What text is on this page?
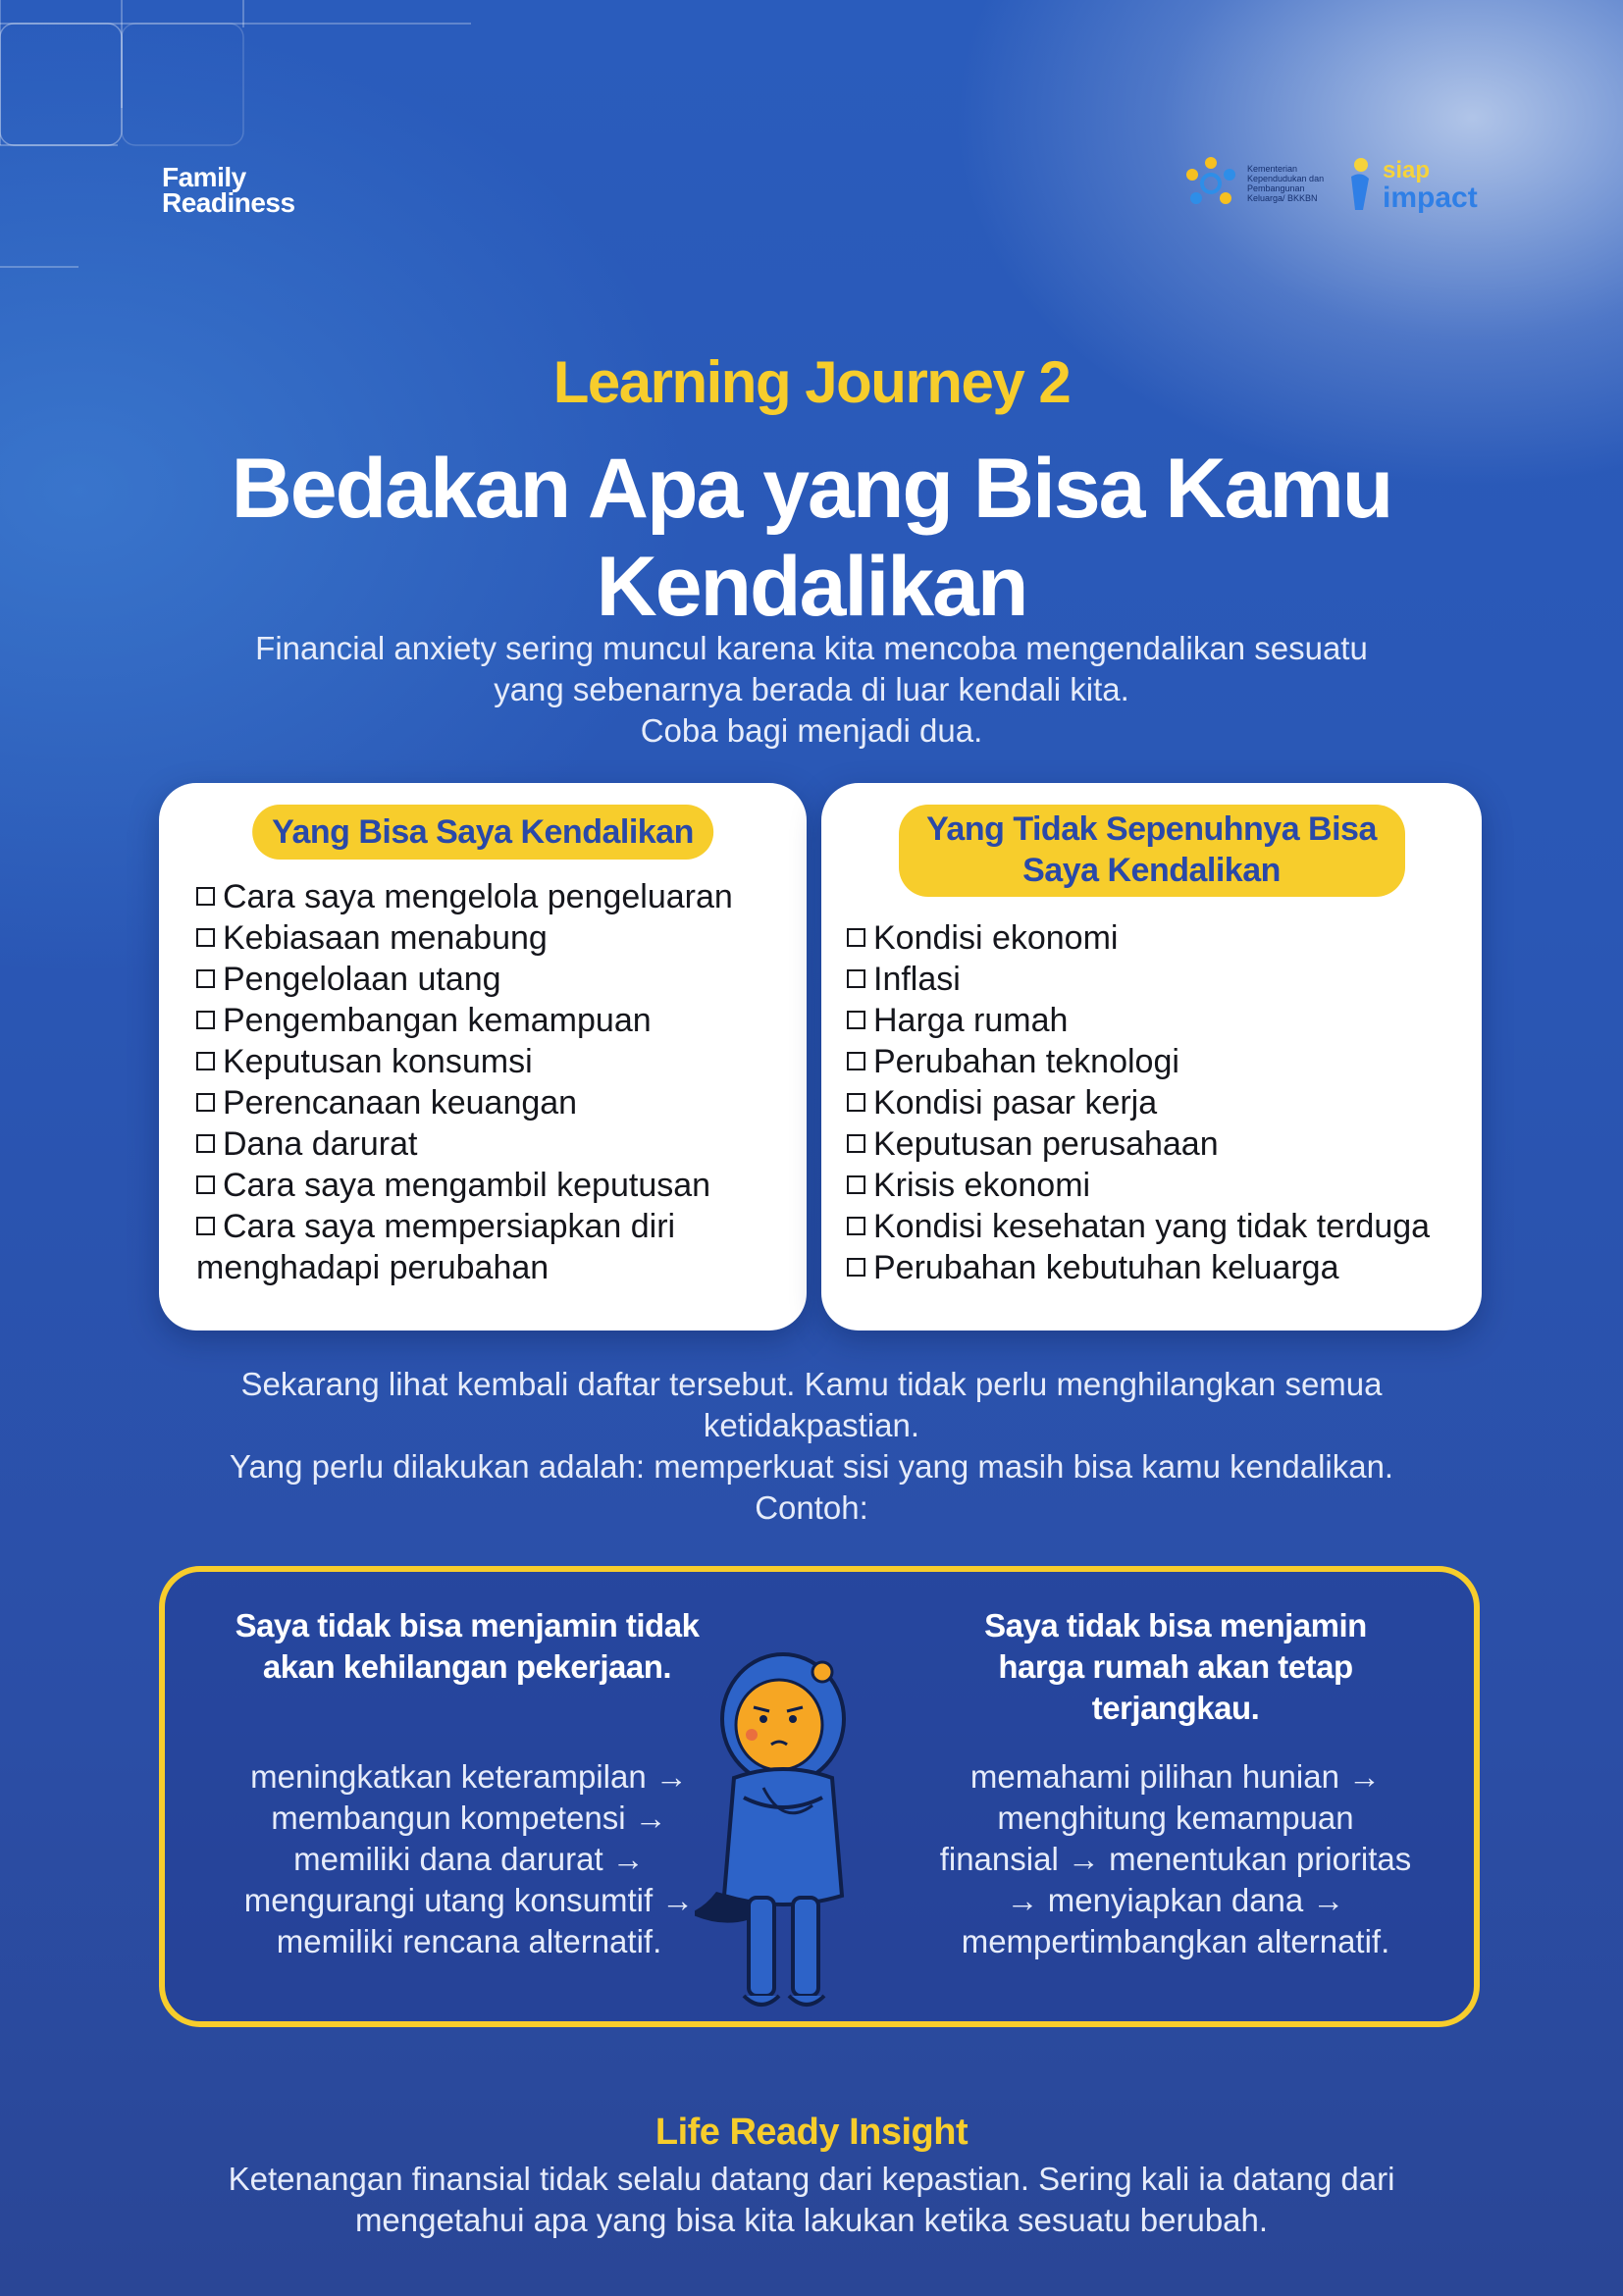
Family
Readiness
Kementerian Kependudukan dan Pembangunan Keluarga/ BKKBN
siap
impact
Learning Journey 2
Bedakan Apa yang Bisa Kamu
Kendalikan
Financial anxiety sering muncul karena kita mencoba mengendalikan sesuatu
yang sebenarnya berada di luar kendali kita.
Coba bagi menjadi dua.
Yang Bisa Saya Kendalikan
Cara saya mengelola pengeluaran
Kebiasaan menabung
Pengelolaan utang
Pengembangan kemampuan
Keputusan konsumsi
Perencanaan keuangan
Dana darurat
Cara saya mengambil keputusan
Cara saya mempersiapkan diri
menghadapi perubahan
Yang Tidak Sepenuhnya Bisa Saya Kendalikan
Kondisi ekonomi
Inflasi
Harga rumah
Perubahan teknologi
Kondisi pasar kerja
Keputusan perusahaan
Krisis ekonomi
Kondisi kesehatan yang tidak terduga
Perubahan kebutuhan keluarga
Sekarang lihat kembali daftar tersebut. Kamu tidak perlu menghilangkan semua
ketidakpastian.
Yang perlu dilakukan adalah: memperkuat sisi yang masih bisa kamu kendalikan.
Contoh:
Saya tidak bisa menjamin tidak
akan kehilangan pekerjaan.
meningkatkan keterampilan →
membangun kompetensi →
memiliki dana darurat →
mengurangi utang konsumtif →
memiliki rencana alternatif.
Saya tidak bisa menjamin
harga rumah akan tetap
terjangkau.
memahami pilihan hunian →
menghitung kemampuan
finansial → menentukan prioritas
→ menyiapkan dana →
mempertimbangkan alternatif.
Life Ready Insight
Ketenangan finansial tidak selalu datang dari kepastian. Sering kali ia datang dari
mengetahui apa yang bisa kita lakukan ketika sesuatu berubah.
